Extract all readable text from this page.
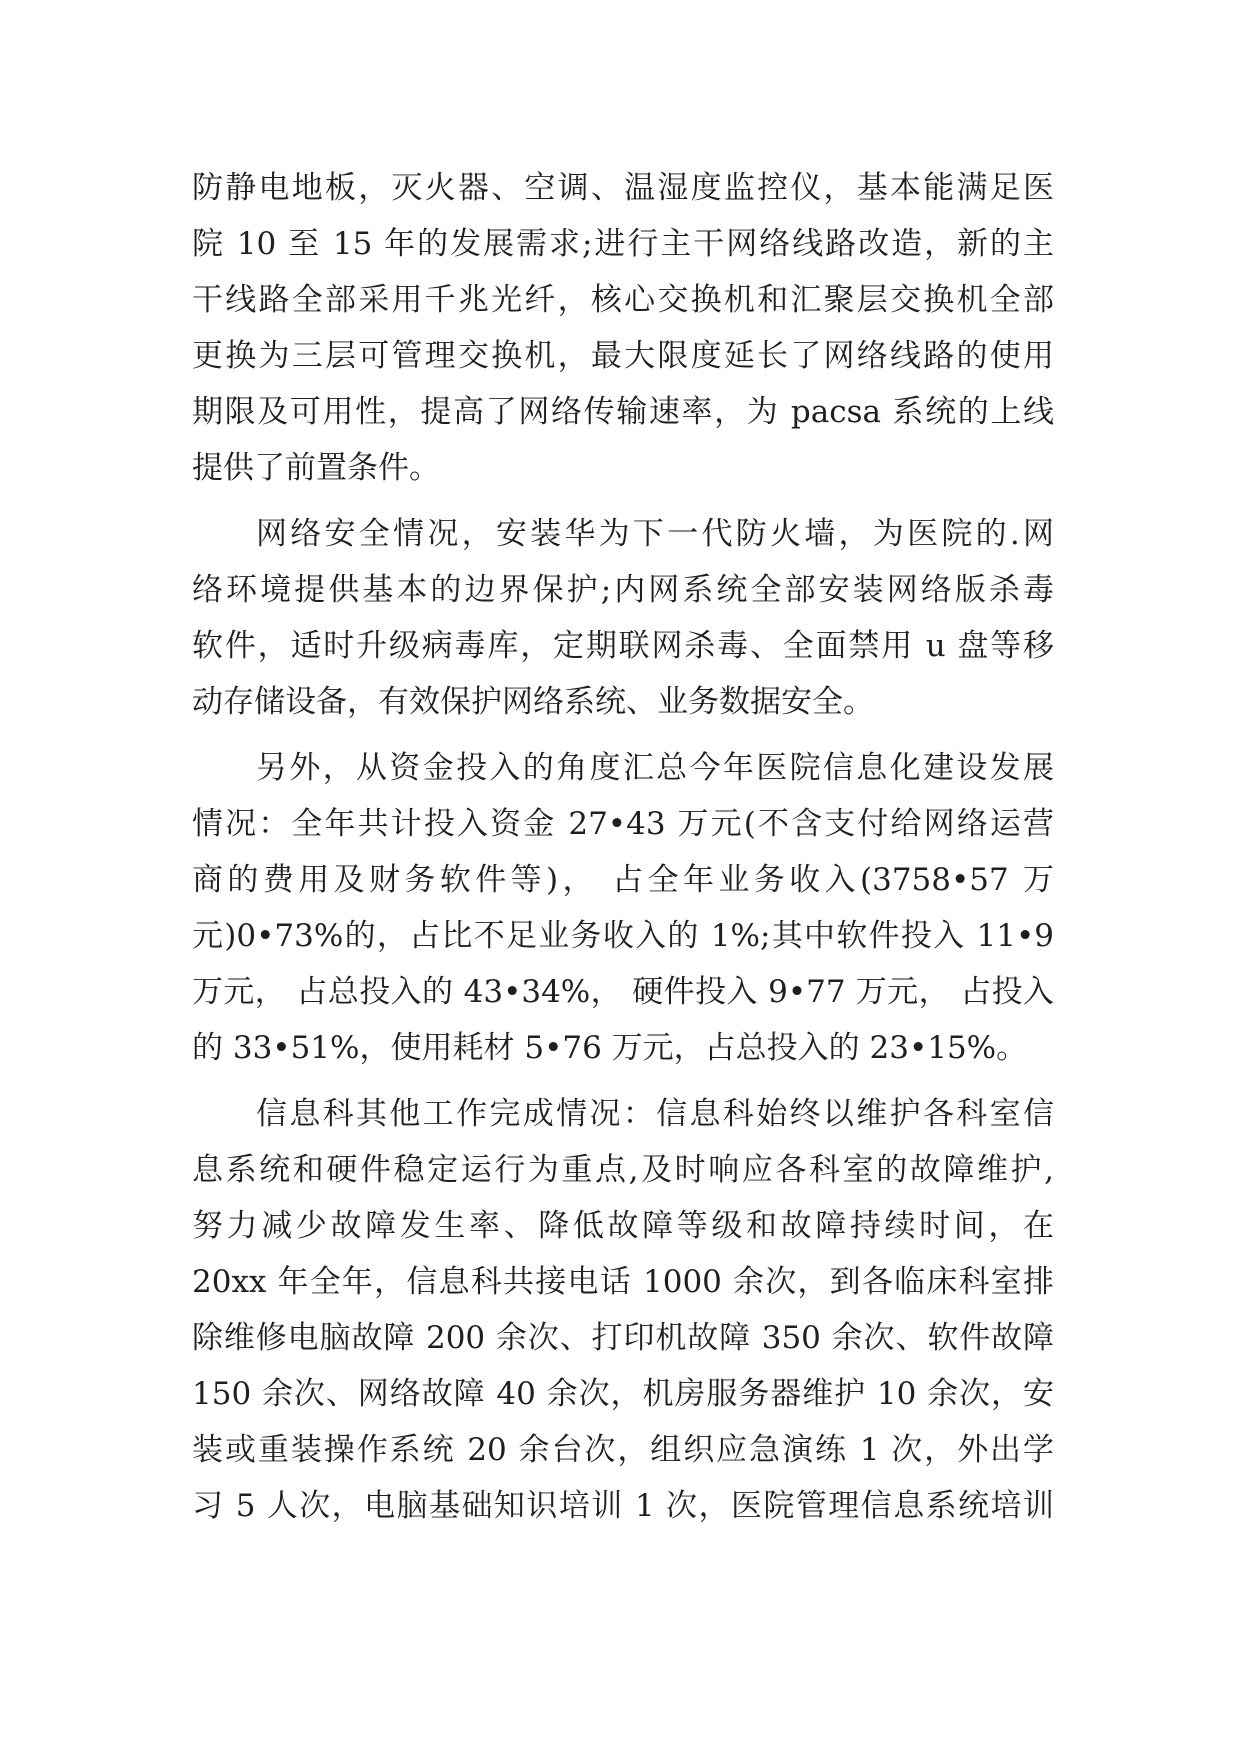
防静电地板，灭火器、空调、温湿度监控仪，基本能满足医
院 10 至 15 年的发展需求;进行主干网络线路改造，新的主
干线路全部采用千兆光纤，核心交换机和汇聚层交换机全部
更换为三层可管理交换机，最大限度延长了网络线路的使用
期限及可用性，提高了网络传输速率，为 pacsa 系统的上线
提供了前置条件。
网络安全情况，安装华为下一代防火墙，为医院的.网
络环境提供基本的边界保护;内网系统全部安装网络版杀毒
软件，适时升级病毒库，定期联网杀毒、全面禁用 u 盘等移
动存储设备，有效保护网络系统、业务数据安全。
另外，从资金投入的角度汇总今年医院信息化建设发展
情况：全年共计投入资金 27•43 万元(不含支付给网络运营
商的费用及财务软件等)， 占全年业务收入(3758•57 万
元)0•73%的，占比不足业务收入的 1%;其中软件投入 11•9
万元， 占总投入的 43•34%， 硬件投入 9•77 万元， 占投入
的 33•51%，使用耗材 5•76 万元，占总投入的 23•15%。
信息科其他工作完成情况：信息科始终以维护各科室信
息系统和硬件稳定运行为重点,及时响应各科室的故障维护,
努力减少故障发生率、降低故障等级和故障持续时间，在
20xx 年全年，信息科共接电话 1000 余次，到各临床科室排
除维修电脑故障 200 余次、打印机故障 350 余次、软件故障
150 余次、网络故障 40 余次，机房服务器维护 10 余次，安
装或重装操作系统 20 余台次，组织应急演练 1 次，外出学
习 5 人次，电脑基础知识培训 1 次，医院管理信息系统培训
